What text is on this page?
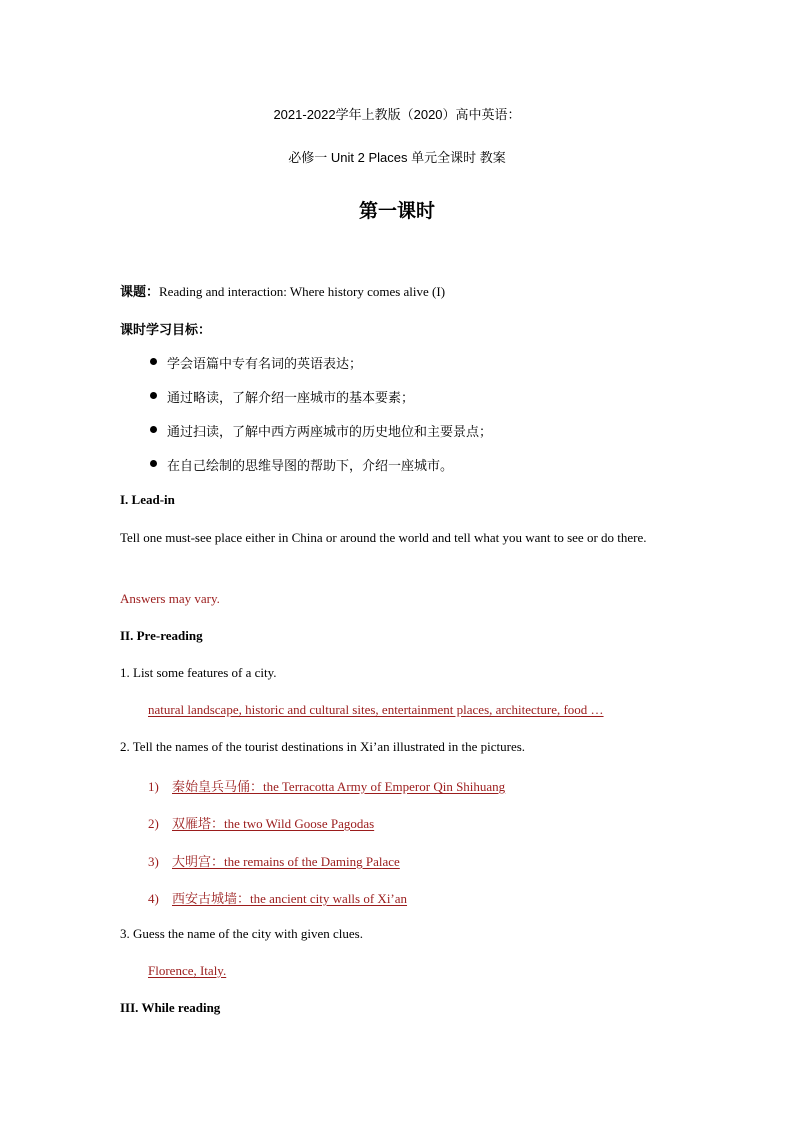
2021-2022学年上教版（2020）高中英语：
必修一 Unit 2 Places 单元全课时 教案
第一课时
课题：Reading and interaction: Where history comes alive (I)
课时学习目标：
学会语篇中专有名词的英语表达；
通过略读，了解介绍一座城市的基本要素；
通过扫读，了解中西方两座城市的历史地位和主要景点；
在自己绘制的思维导图的帮助下，介绍一座城市。
I. Lead-in
Tell one must-see place either in China or around the world and tell what you want to see or do there.
Answers may vary.
II. Pre-reading
1. List some features of a city.
natural landscape, historic and cultural sites, entertainment places, architecture, food …
2. Tell the names of the tourist destinations in Xi’an illustrated in the pictures.
1) 秦始皇兵马俑：the Terracotta Army of Emperor Qin Shihuang
2) 双雁塔：the two Wild Goose Pagodas
3) 大明宫：the remains of the Daming Palace
4) 西安古城墙：the ancient city walls of Xi’an
3. Guess the name of the city with given clues.
Florence, Italy.
III. While reading
